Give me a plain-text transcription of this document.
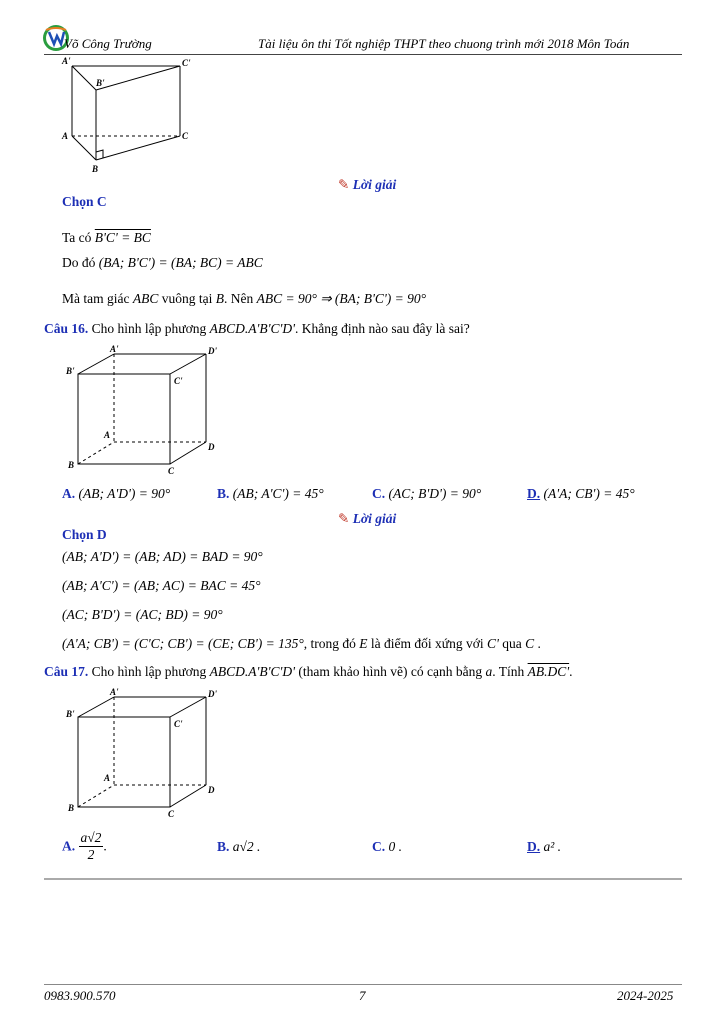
Võ Công Trường	Tài liệu ôn thi Tốt nghiệp THPT theo chuong trình mới 2018 Môn Toán
A'	C'
B'
A	C
B
✎ Lời giải
Chọn C
Ta có B'C' = BC
Do đó (BA; B'C') = (BA; BC) = ABC
Mà tam giác ABC vuông tại B. Nên ABC = 90° ⇒ (BA; B'C') = 90°
Câu 16. Cho hình lập phương ABCD.A'B'C'D'. Khẳng định nào sau đây là sai?
A'	D'
B'
C'
A
D
B
C
A. (AB; A'D') = 90°	B. (AB; A'C') = 45°	C. (AC; B'D') = 90°	D. (A'A; CB') = 45°
✎ Lời giải
Chọn D
(AB; A'D') = (AB; AD) = BAD = 90°
(AB; A'C') = (AB; AC) = BAC = 45°
(AC; B'D') = (AC; BD) = 90°
(A'A; CB') = (C'C; CB') = (CE; CB') = 135°, trong đó E là điểm đối xứng với C' qua C .
Câu 17. Cho hình lập phương ABCD.A'B'C'D' (tham khảo hình vẽ) có cạnh bằng a. Tính AB.DC'.
A'	D'
B'
C'
A
D
B
C
A. $\frac{a√2}{2}$ .	B. a√2 .	C. 0 .	D. a² .
0983.900.570	7	2024-2025
